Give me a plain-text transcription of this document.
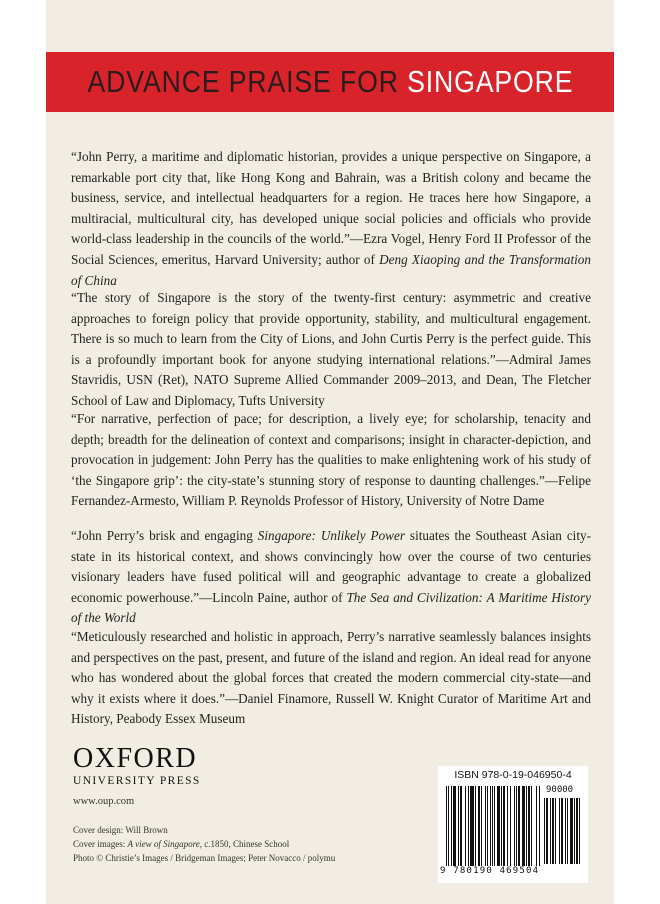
ADVANCE PRAISE FOR SINGAPORE

“John Perry, a maritime and diplomatic historian, provides a unique perspective on Singapore, a remarkable port city that, like Hong Kong and Bahrain, was a British colony and became the business, service, and intellectual headquarters for a region. He traces here how Singapore, a multiracial, multicultural city, has developed unique social policies and officials who provide world-class leadership in the councils of the world.”—Ezra Vogel, Henry Ford II Professor of the Social Sciences, emeritus, Harvard University; author of Deng Xiaoping and the Transformation of China

“The story of Singapore is the story of the twenty-first century: asymmetric and creative approaches to foreign policy that provide opportunity, stability, and multicultural engagement. There is so much to learn from the City of Lions, and John Curtis Perry is the perfect guide. This is a profoundly important book for anyone studying international relations.”—Admiral James Stavridis, USN (Ret), NATO Supreme Allied Commander 2009–2013, and Dean, The Fletcher School of Law and Diplomacy, Tufts University

“For narrative, perfection of pace; for description, a lively eye; for scholarship, tenacity and depth; breadth for the delineation of context and comparisons; insight in character-depiction, and provocation in judgement: John Perry has the qualities to make enlightening work of his study of ‘the Singapore grip’: the city-state’s stunning story of response to daunting challenges.”—Felipe Fernandez-Armesto, William P. Reynolds Professor of History, University of Notre Dame

“John Perry’s brisk and engaging Singapore: Unlikely Power situates the Southeast Asian city-state in its historical context, and shows convincingly how over the course of two centuries visionary leaders have fused political will and geographic advantage to create a globalized economic powerhouse.”—Lincoln Paine, author of The Sea and Civilization: A Maritime History of the World

“Meticulously researched and holistic in approach, Perry’s narrative seamlessly balances insights and perspectives on the past, present, and future of the island and region. An ideal read for anyone who has wondered about the global forces that created the modern commercial city-state—and why it exists where it does.”—Daniel Finamore, Russell W. Knight Curator of Maritime Art and History, Peabody Essex Museum

OXFORD
UNIVERSITY PRESS
www.oup.com
Cover design: Will Brown
Cover images: A view of Singapore, c.1850, Chinese School
Photo © Christie’s Images / Bridgeman Images; Peter Novacco / polymu
ISBN 978-0-19-046950-4
90000
9 780190 469504
